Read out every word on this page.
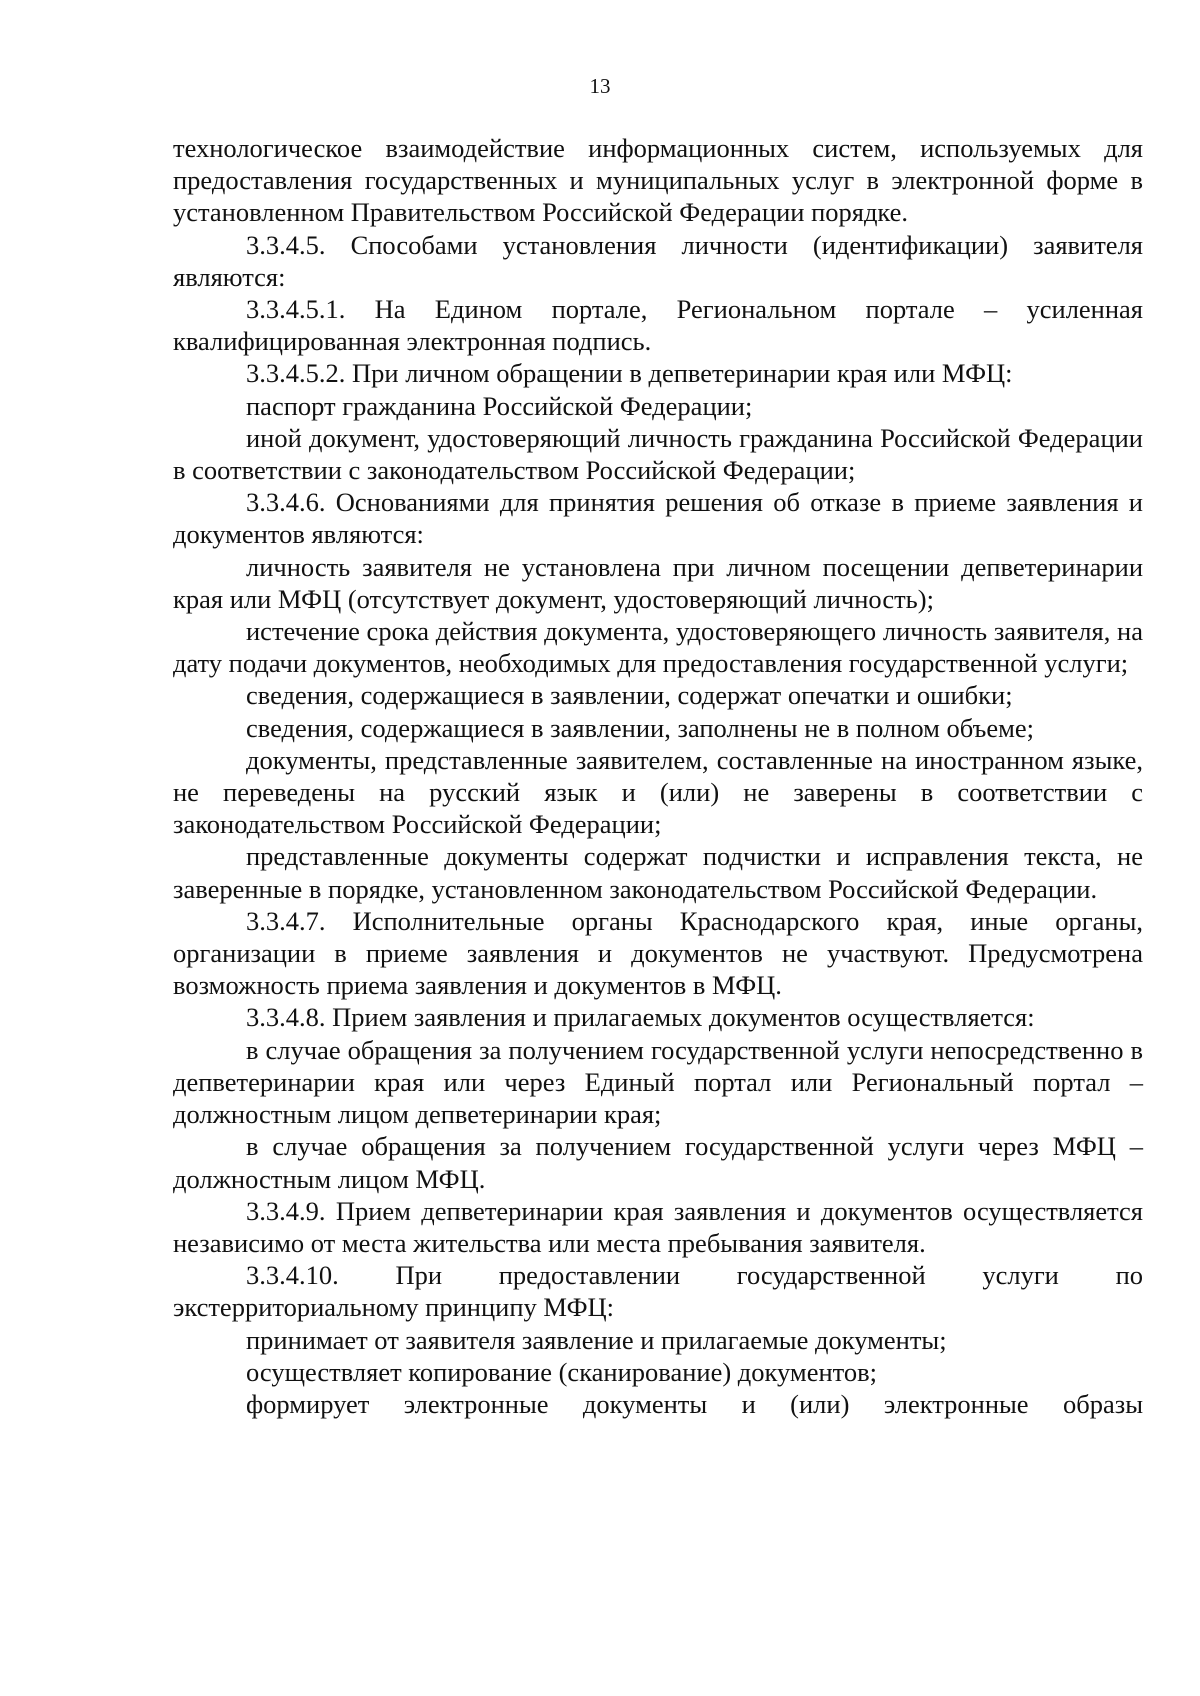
13

технологическое взаимодействие информационных систем, используемых для предоставления государственных и муниципальных услуг в электронной форме в установленном Правительством Российской Федерации порядке.

3.3.4.5. Способами установления личности (идентификации) заявителя являются:

3.3.4.5.1. На Едином портале, Региональном портале – усиленная квалифицированная электронная подпись.

3.3.4.5.2. При личном обращении в депветеринарии края или МФЦ:

паспорт гражданина Российской Федерации;

иной документ, удостоверяющий личность гражданина Российской Федерации в соответствии с законодательством Российской Федерации;

3.3.4.6. Основаниями для принятия решения об отказе в приеме заявления и документов являются:

личность заявителя не установлена при личном посещении депветеринарии края или МФЦ (отсутствует документ, удостоверяющий личность);

истечение срока действия документа, удостоверяющего личность заявителя, на дату подачи документов, необходимых для предоставления государственной услуги;

сведения, содержащиеся в заявлении, содержат опечатки и ошибки;

сведения, содержащиеся в заявлении, заполнены не в полном объеме;

документы, представленные заявителем, составленные на иностранном языке, не переведены на русский язык и (или) не заверены в соответствии с законодательством Российской Федерации;

представленные документы содержат подчистки и исправления текста, не заверенные в порядке, установленном законодательством Российской Федерации.

3.3.4.7. Исполнительные органы Краснодарского края, иные органы, организации в приеме заявления и документов не участвуют. Предусмотрена возможность приема заявления и документов в МФЦ.

3.3.4.8. Прием заявления и прилагаемых документов осуществляется:

в случае обращения за получением государственной услуги непосредственно в депветеринарии края или через Единый портал или Региональный портал – должностным лицом депветеринарии края;

в случае обращения за получением государственной услуги через МФЦ – должностным лицом МФЦ.

3.3.4.9. Прием депветеринарии края заявления и документов осуществляется независимо от места жительства или места пребывания заявителя.

3.3.4.10. При предоставлении государственной услуги по экстерриториальному принципу МФЦ:

принимает от заявителя заявление и прилагаемые документы;

осуществляет копирование (сканирование) документов;

формирует электронные документы и (или) электронные образы
